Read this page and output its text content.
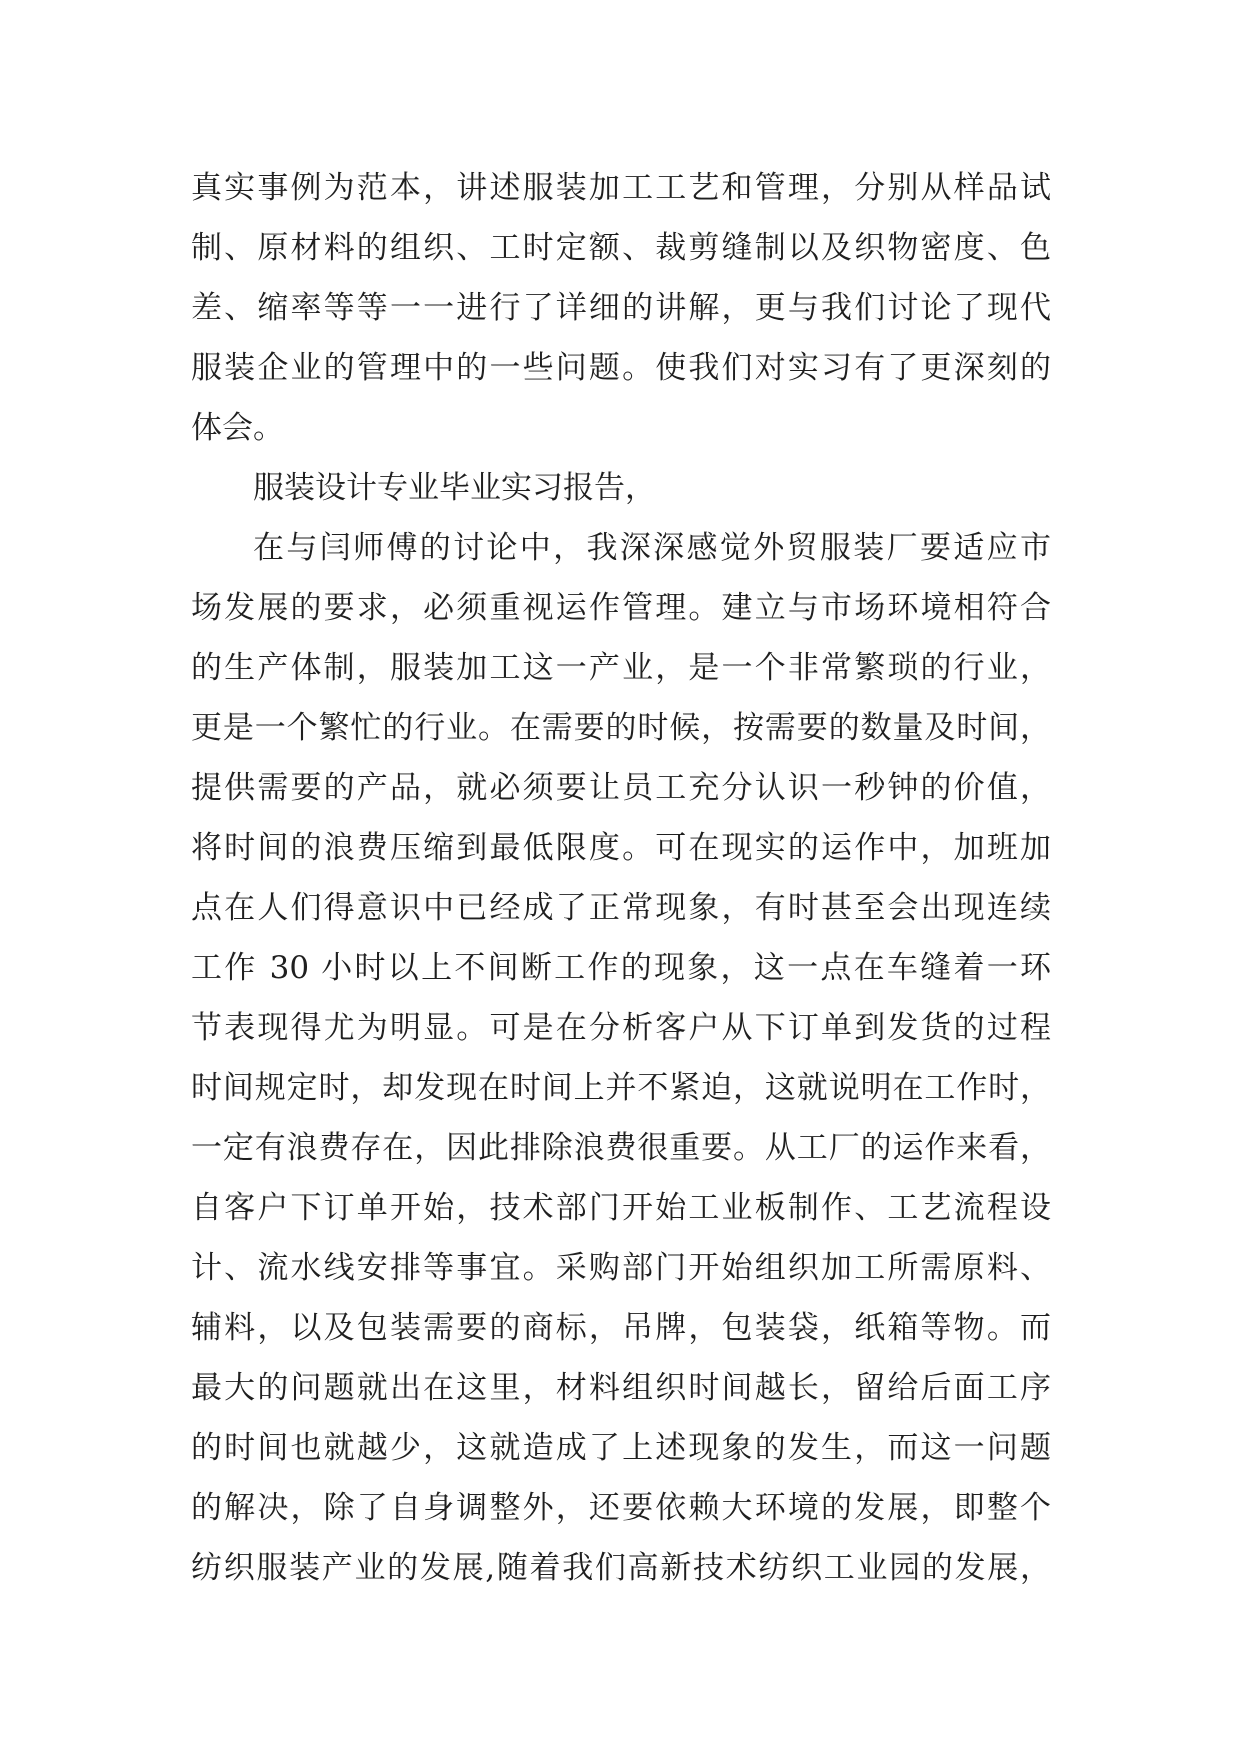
真实事例为范本，讲述服装加工工艺和管理，分别从样品试
制、原材料的组织、工时定额、裁剪缝制以及织物密度、色
差、缩率等等一一进行了详细的讲解，更与我们讨论了现代
服装企业的管理中的一些问题。使我们对实习有了更深刻的
体会。
服装设计专业毕业实习报告，
在与闫师傅的讨论中，我深深感觉外贸服装厂要适应市
场发展的要求，必须重视运作管理。建立与市场环境相符合
的生产体制，服装加工这一产业，是一个非常繁琐的行业，
更是一个繁忙的行业。在需要的时候，按需要的数量及时间，
提供需要的产品，就必须要让员工充分认识一秒钟的价值，
将时间的浪费压缩到最低限度。可在现实的运作中，加班加
点在人们得意识中已经成了正常现象，有时甚至会出现连续
工作 30 小时以上不间断工作的现象，这一点在车缝着一环
节表现得尤为明显。可是在分析客户从下订单到发货的过程
时间规定时，却发现在时间上并不紧迫，这就说明在工作时，
一定有浪费存在，因此排除浪费很重要。从工厂的运作来看，
自客户下订单开始，技术部门开始工业板制作、工艺流程设
计、流水线安排等事宜。采购部门开始组织加工所需原料、
辅料，以及包装需要的商标，吊牌，包装袋，纸箱等物。而
最大的问题就出在这里，材料组织时间越长，留给后面工序
的时间也就越少，这就造成了上述现象的发生，而这一问题
的解决，除了自身调整外，还要依赖大环境的发展，即整个
纺织服装产业的发展,随着我们高新技术纺织工业园的发展，
